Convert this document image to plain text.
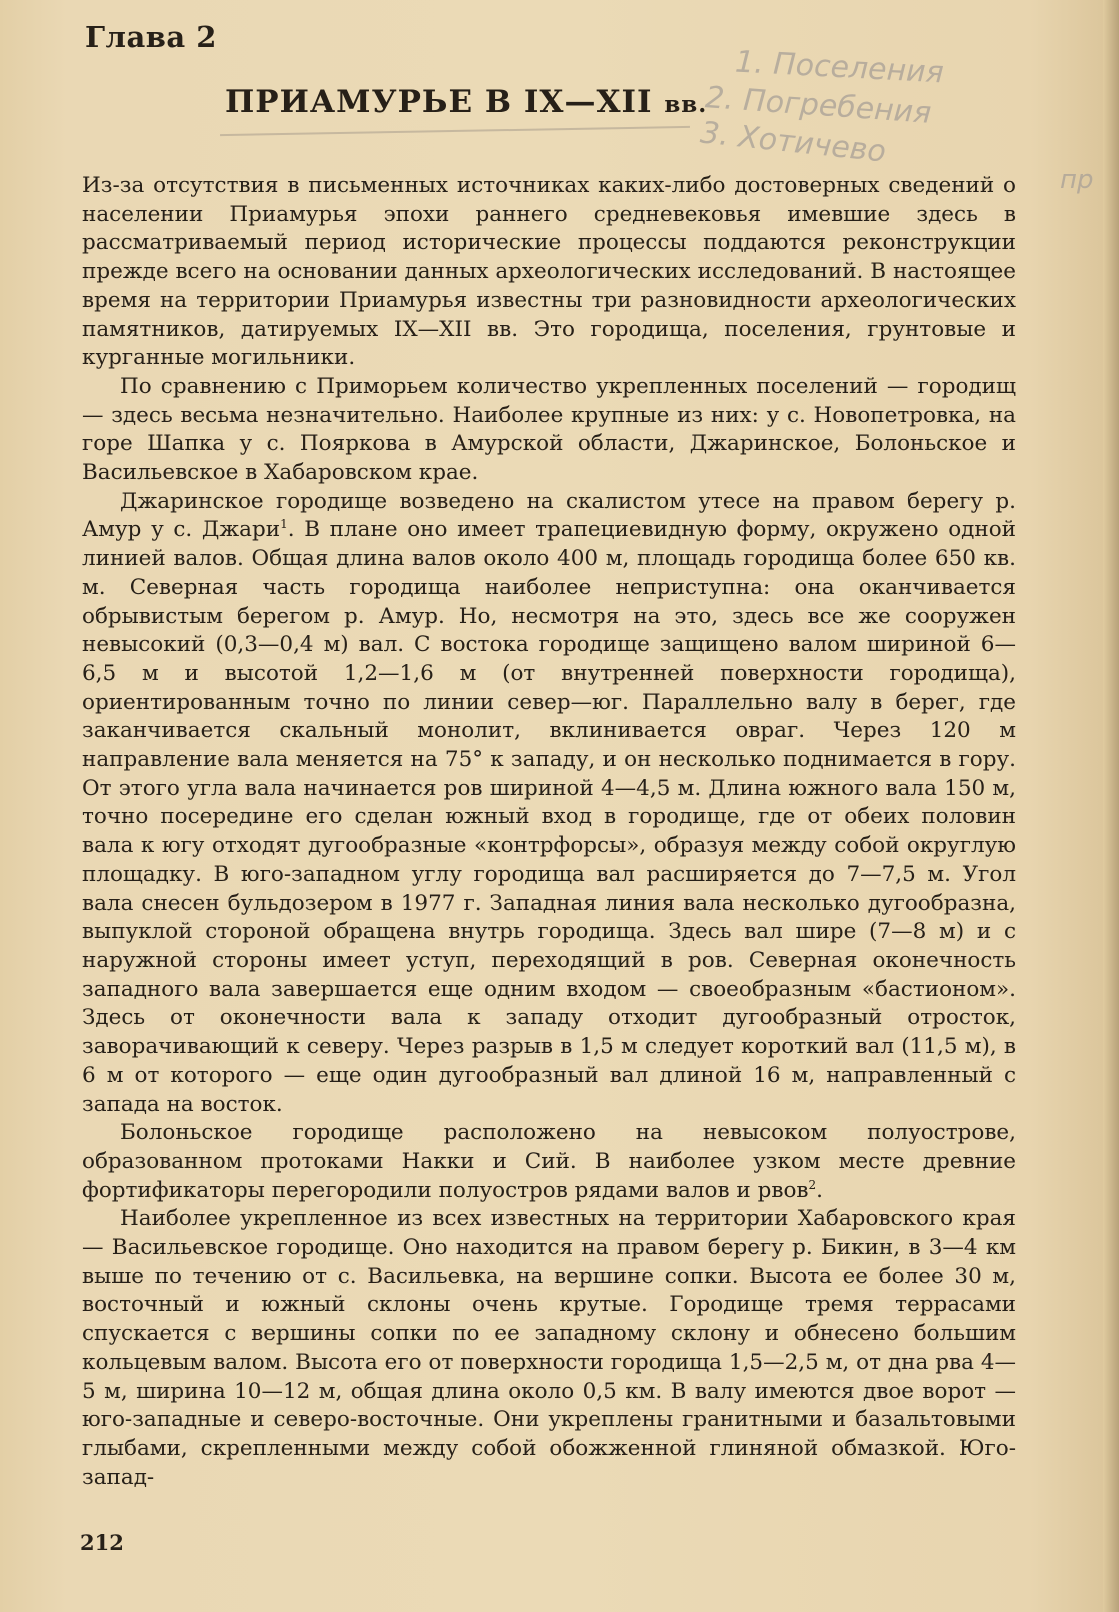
Глава 2
ПРИАМУРЬЕ В IX—XII вв.
1. Поселения
2. Погребения
3. Хотичево
пр

Из-за отсутствия в письменных источниках каких-либо достоверных сведений о населении Приамурья эпохи раннего средневековья имевшие здесь в рассматриваемый период исторические процессы поддаются реконструкции прежде всего на основании данных археологических исследований. В настоящее время на территории Приамурья известны три разновидности археологических памятников, датируемых IX—XII вв. Это городища, поселения, грунтовые и курганные могильники.

По сравнению с Приморьем количество укрепленных поселений — городищ — здесь весьма незначительно. Наиболее крупные из них: у с. Новопетровка, на горе Шапка у с. Пояркова в Амурской области, Джаринское, Болоньское и Васильевское в Хабаровском крае.

Джаринское городище возведено на скалистом утесе на правом берегу р. Амур у с. Джари$^1$. В плане оно имеет трапециевидную форму, окружено одной линией валов. Общая длина валов около 400 м, площадь городища более 650 кв. м. Северная часть городища наиболее неприступна: она оканчивается обрывистым берегом р. Амур. Но, несмотря на это, здесь все же сооружен невысокий (0,3—0,4 м) вал. С востока городище защищено валом шириной 6—6,5 м и высотой 1,2—1,6 м (от внутренней поверхности городища), ориентированным точно по линии север—юг. Параллельно валу в берег, где заканчивается скальный монолит, вклинивается овраг. Через 120 м направление вала меняется на 75° к западу, и он несколько поднимается в гору. От этого угла вала начинается ров шириной 4—4,5 м. Длина южного вала 150 м, точно посередине его сделан южный вход в городище, где от обеих половин вала к югу отходят дугообразные «контрфорсы», образуя между собой округлую площадку. В юго-западном углу городища вал расширяется до 7—7,5 м. Угол вала снесен бульдозером в 1977 г. Западная линия вала несколько дугообразна, выпуклой стороной обращена внутрь городища. Здесь вал шире (7—8 м) и с наружной стороны имеет уступ, переходящий в ров. Северная оконечность западного вала завершается еще одним входом — своеобразным «бастионом». Здесь от оконечности вала к западу отходит дугообразный отросток, заворачивающий к северу. Через разрыв в 1,5 м следует короткий вал (11,5 м), в 6 м от которого — еще один дугообразный вал длиной 16 м, направленный с запада на восток.

Болоньское городище расположено на невысоком полуострове, образованном протоками Накки и Сий. В наиболее узком месте древние фортификаторы перегородили полуостров рядами валов и рвов$^2$.

Наиболее укрепленное из всех известных на территории Хабаровского края — Васильевское городище. Оно находится на правом берегу р. Бикин, в 3—4 км выше по течению от с. Васильевка, на вершине сопки. Высота ее более 30 м, восточный и южный склоны очень крутые. Городище тремя террасами спускается с вершины сопки по ее западному склону и обнесено большим кольцевым валом. Высота его от поверхности городища 1,5—2,5 м, от дна рва 4—5 м, ширина 10—12 м, общая длина около 0,5 км. В валу имеются двое ворот — юго-западные и северо-восточные. Они укреплены гранитными и базальтовыми глыбами, скрепленными между собой обожженной глиняной обмазкой. Юго-запад-

212
